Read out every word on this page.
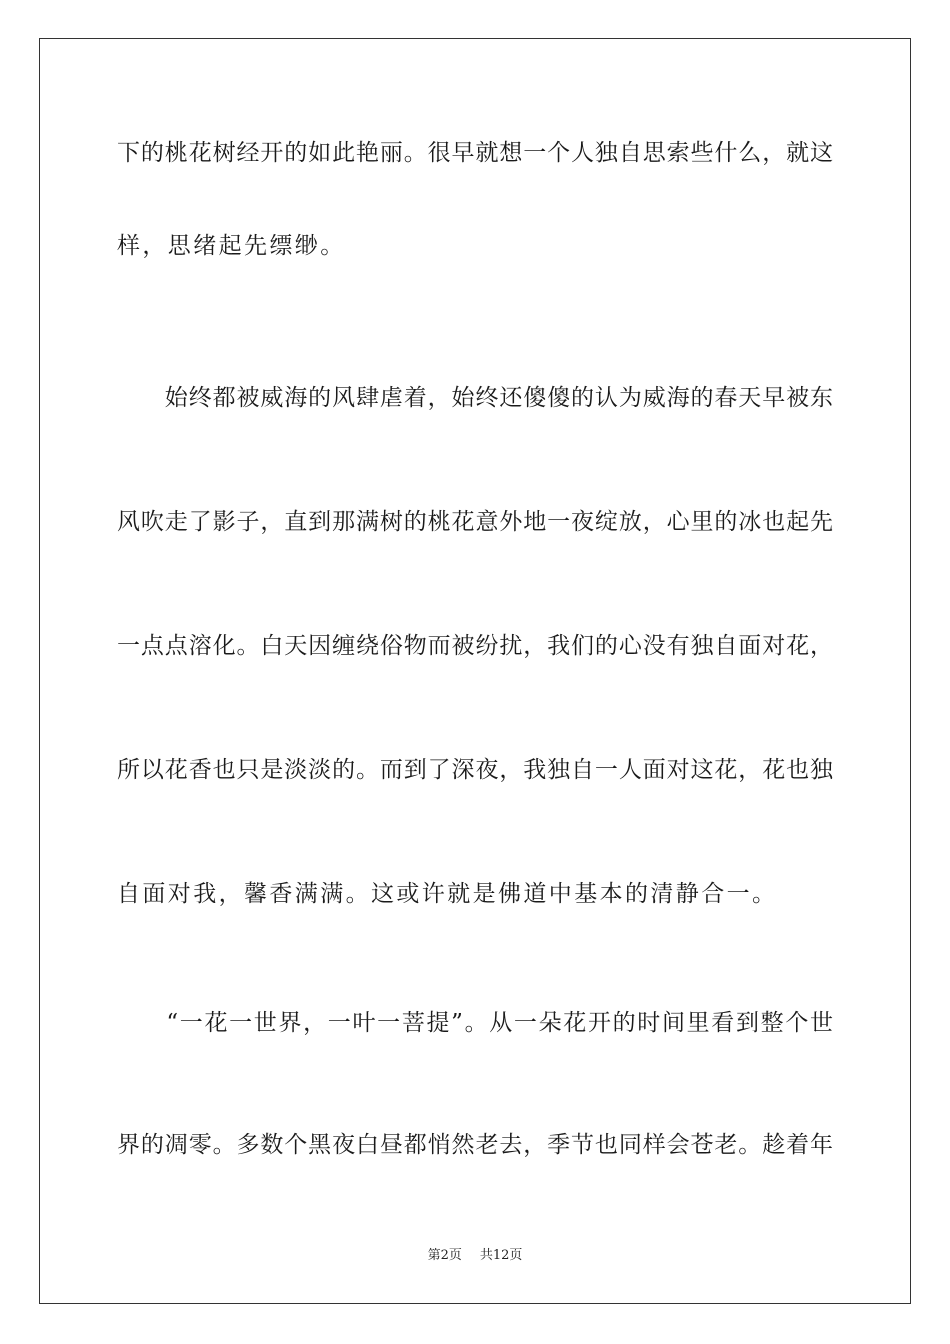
下的桃花树经开的如此艳丽。很早就想一个人独自思索些什么，就这
样，思绪起先缥缈。
　　始终都被威海的风肆虐着，始终还傻傻的认为威海的春天早被东
风吹走了影子，直到那满树的桃花意外地一夜绽放，心里的冰也起先
一点点溶化。白天因缠绕俗物而被纷扰，我们的心没有独自面对花，
所以花香也只是淡淡的。而到了深夜，我独自一人面对这花，花也独
自面对我，馨香满满。这或许就是佛道中基本的清静合一。
　　“一花一世界，一叶一菩提”。从一朵花开的时间里看到整个世
界的凋零。多数个黑夜白昼都悄然老去，季节也同样会苍老。趁着年
第2页 共12页
